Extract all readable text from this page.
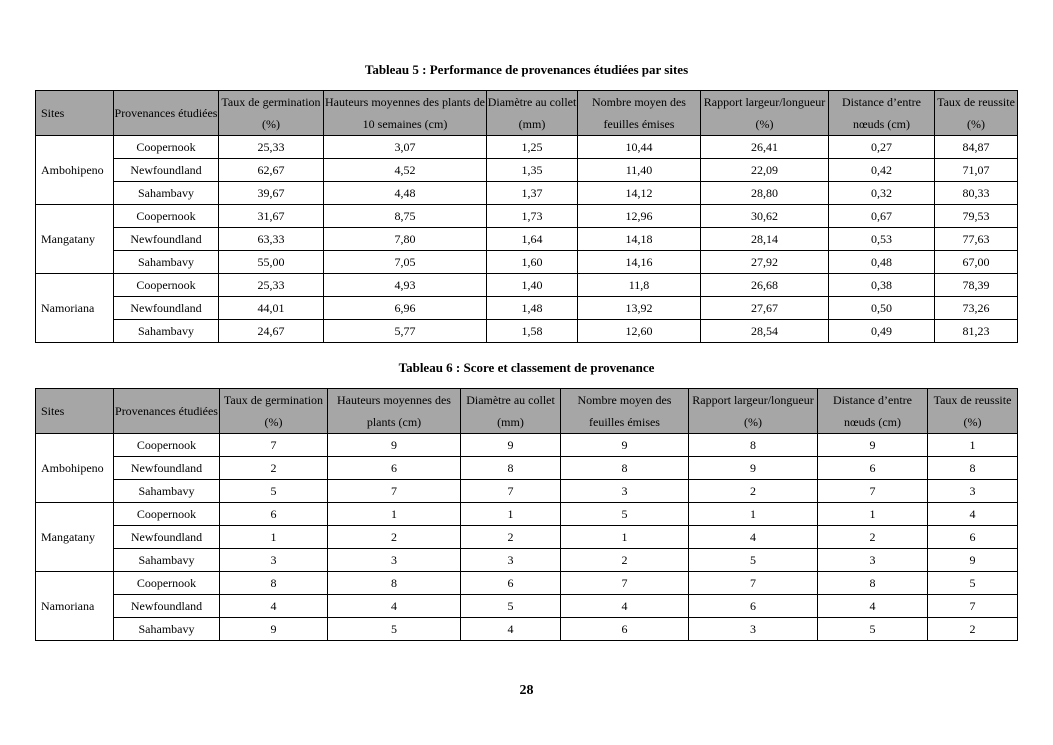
Tableau 5 : Performance de provenances étudiées par sites
Sites	Provenances étudiées	Taux de germination (%)	Hauteurs moyennes des plants de 10 semaines (cm)	Diamètre au collet (mm)	Nombre moyen des feuilles émises	Rapport largeur/longueur (%)	Distance d’entre nœuds (cm)	Taux de reussite (%)
Ambohipeno	Coopernook	25,33	3,07	1,25	10,44	26,41	0,27	84,87
	Newfoundland	62,67	4,52	1,35	11,40	22,09	0,42	71,07
	Sahambavy	39,67	4,48	1,37	14,12	28,80	0,32	80,33
Mangatany	Coopernook	31,67	8,75	1,73	12,96	30,62	0,67	79,53
	Newfoundland	63,33	7,80	1,64	14,18	28,14	0,53	77,63
	Sahambavy	55,00	7,05	1,60	14,16	27,92	0,48	67,00
Namoriana	Coopernook	25,33	4,93	1,40	11,8	26,68	0,38	78,39
	Newfoundland	44,01	6,96	1,48	13,92	27,67	0,50	73,26
	Sahambavy	24,67	5,77	1,58	12,60	28,54	0,49	81,23
Tableau 6 : Score et classement de provenance
Sites	Provenances étudiées	Taux de germination (%)	Hauteurs moyennes des plants (cm)	Diamètre au collet (mm)	Nombre moyen des feuilles émises	Rapport largeur/longueur (%)	Distance d’entre nœuds (cm)	Taux de reussite (%)
Ambohipeno	Coopernook	7	9	9	9	8	9	1
	Newfoundland	2	6	8	8	9	6	8
	Sahambavy	5	7	7	3	2	7	3
Mangatany	Coopernook	6	1	1	5	1	1	4
	Newfoundland	1	2	2	1	4	2	6
	Sahambavy	3	3	3	2	5	3	9
Namoriana	Coopernook	8	8	6	7	7	8	5
	Newfoundland	4	4	5	4	6	4	7
	Sahambavy	9	5	4	6	3	5	2
28
